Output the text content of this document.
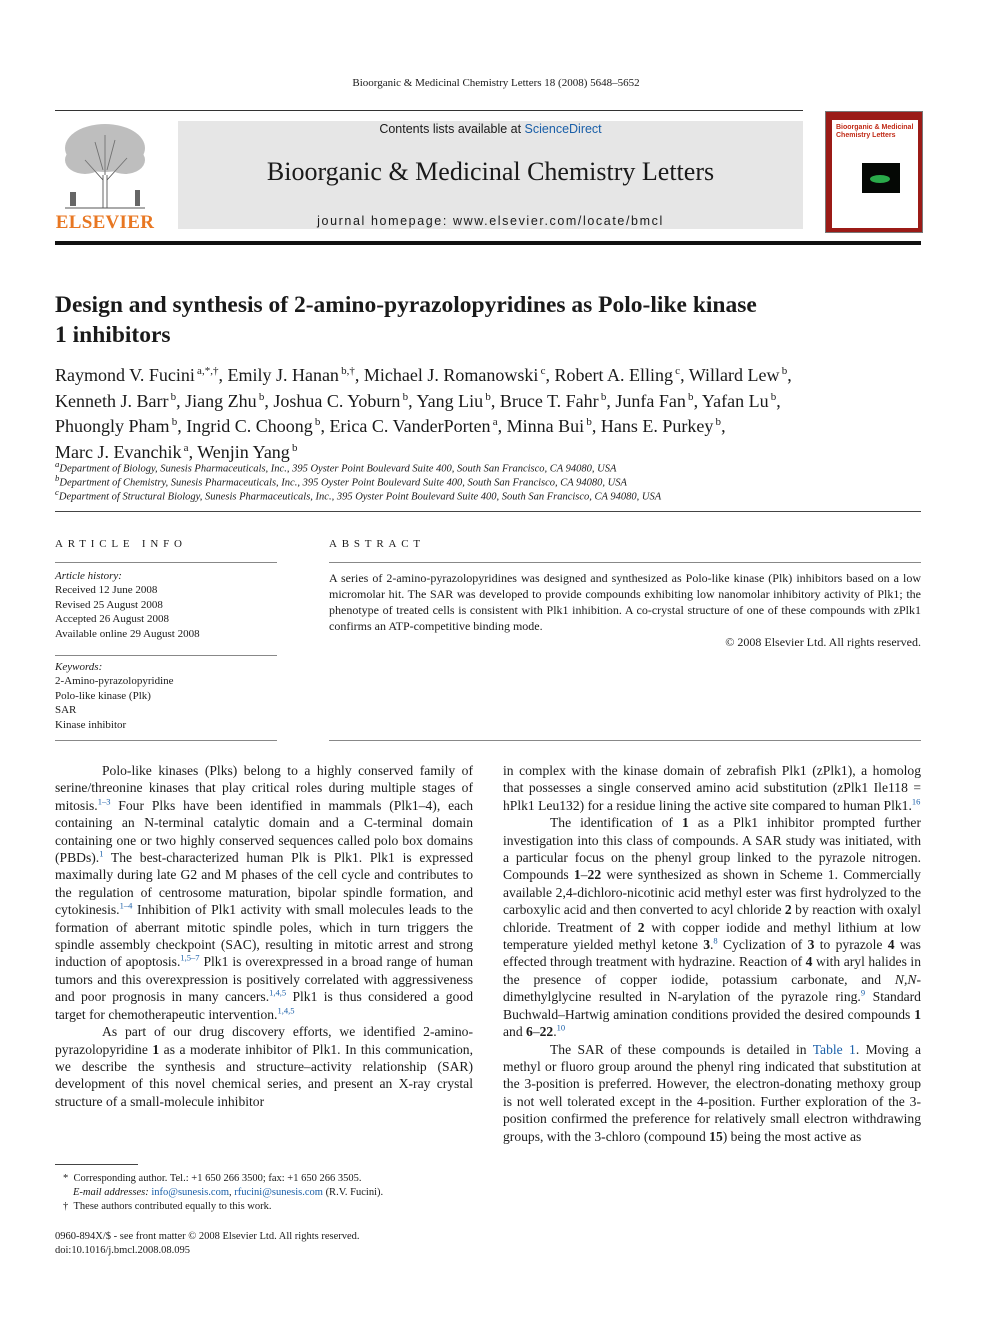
Bioorganic & Medicinal Chemistry Letters 18 (2008) 5648–5652
ELSEVIER
Contents lists available at ScienceDirect
Bioorganic & Medicinal Chemistry Letters
journal homepage: www.elsevier.com/locate/bmcl
Bioorganic & Medicinal Chemistry Letters
Design and synthesis of 2-amino-pyrazolopyridines as Polo-like kinase
1 inhibitors
Raymond V. Fucini $^{a,*,\dagger}$, Emily J. Hanan $^{b,\dagger}$, Michael J. Romanowski $^c$, Robert A. Elling $^c$, Willard Lew $^b$,
Kenneth J. Barr $^b$, Jiang Zhu $^b$, Joshua C. Yoburn $^b$, Yang Liu $^b$, Bruce T. Fahr $^b$, Junfa Fan $^b$, Yafan Lu $^b$,
Phuongly Pham $^b$, Ingrid C. Choong $^b$, Erica C. VanderPorten $^a$, Minna Bui $^b$, Hans E. Purkey $^b$,
Marc J. Evanchik $^a$, Wenjin Yang $^b$
$^a$Department of Biology, Sunesis Pharmaceuticals, Inc., 395 Oyster Point Boulevard Suite 400, South San Francisco, CA 94080, USA
$^b$Department of Chemistry, Sunesis Pharmaceuticals, Inc., 395 Oyster Point Boulevard Suite 400, South San Francisco, CA 94080, USA
$^c$Department of Structural Biology, Sunesis Pharmaceuticals, Inc., 395 Oyster Point Boulevard Suite 400, South San Francisco, CA 94080, USA
ARTICLE INFO
Article history:
Received 12 June 2008
Revised 25 August 2008
Accepted 26 August 2008
Available online 29 August 2008
Keywords:
2-Amino-pyrazolopyridine
Polo-like kinase (Plk)
SAR
Kinase inhibitor
ABSTRACT
A series of 2-amino-pyrazolopyridines was designed and synthesized as Polo-like kinase (Plk) inhibitors based on a low micromolar hit. The SAR was developed to provide compounds exhibiting low nanomolar inhibitory activity of Plk1; the phenotype of treated cells is consistent with Plk1 inhibition. A co-crystal structure of one of these compounds with zPlk1 confirms an ATP-competitive binding mode.
© 2008 Elsevier Ltd. All rights reserved.

Polo-like kinases (Plks) belong to a highly conserved family of serine/threonine kinases that play critical roles during multiple stages of mitosis.$^{1-3}$ Four Plks have been identified in mammals (Plk1–4), each containing an N-terminal catalytic domain and a C-terminal domain containing one or two highly conserved sequences called polo box domains (PBDs).$^1$ The best-characterized human Plk is Plk1. Plk1 is expressed maximally during late G2 and M phases of the cell cycle and contributes to the regulation of centrosome maturation, bipolar spindle formation, and cytokinesis.$^{1-4}$ Inhibition of Plk1 activity with small molecules leads to the formation of aberrant mitotic spindle poles, which in turn triggers the spindle assembly checkpoint (SAC), resulting in mitotic arrest and strong induction of apoptosis.$^{1,5-7}$ Plk1 is overexpressed in a broad range of human tumors and this overexpression is positively correlated with aggressiveness and poor prognosis in many cancers.$^{1,4,5}$ Plk1 is thus considered a good target for chemotherapeutic intervention.$^{1,4,5}$

As part of our drug discovery efforts, we identified 2-amino-pyrazolopyridine 1 as a moderate inhibitor of Plk1. In this communication, we describe the synthesis and structure–activity relationship (SAR) development of this novel chemical series, and present an X-ray crystal structure of a small-molecule inhibitor

in complex with the kinase domain of zebrafish Plk1 (zPlk1), a homolog that possesses a single conserved amino acid substitution (zPlk1 Ile118 = hPlk1 Leu132) for a residue lining the active site compared to human Plk1.16

The identification of 1 as a Plk1 inhibitor prompted further investigation into this class of compounds. A SAR study was initiated, with a particular focus on the phenyl group linked to the pyrazole nitrogen. Compounds 1–22 were synthesized as shown in Scheme 1. Commercially available 2,4-dichloro-nicotinic acid methyl ester was first hydrolyzed to the carboxylic acid and then converted to acyl chloride 2 by reaction with oxalyl chloride. Treatment of 2 with copper iodide and methyl lithium at low temperature yielded methyl ketone 3.$^8$ Cyclization of 3 to pyrazole 4 was effected through treatment with hydrazine. Reaction of 4 with aryl halides in the presence of copper iodide, potassium carbonate, and N,N-dimethylglycine resulted in N-arylation of the pyrazole ring.$^9$ Standard Buchwald–Hartwig amination conditions provided the desired compounds 1 and 6–22.10

The SAR of these compounds is detailed in Table 1. Moving a methyl or fluoro group around the phenyl ring indicated that substitution at the 3-position is preferred. However, the electron-donating methoxy group is not well tolerated except in the 4-position. Further exploration of the 3-position confirmed the preference for relatively small electron withdrawing groups, with the 3-chloro (compound 15) being the most active as

* Corresponding author. Tel.: +1 650 266 3500; fax: +1 650 266 3505.
E-mail addresses: info@sunesis.com, rfucini@sunesis.com (R.V. Fucini).
† These authors contributed equally to this work.
0960-894X/$ - see front matter © 2008 Elsevier Ltd. All rights reserved.
doi:10.1016/j.bmcl.2008.08.095
